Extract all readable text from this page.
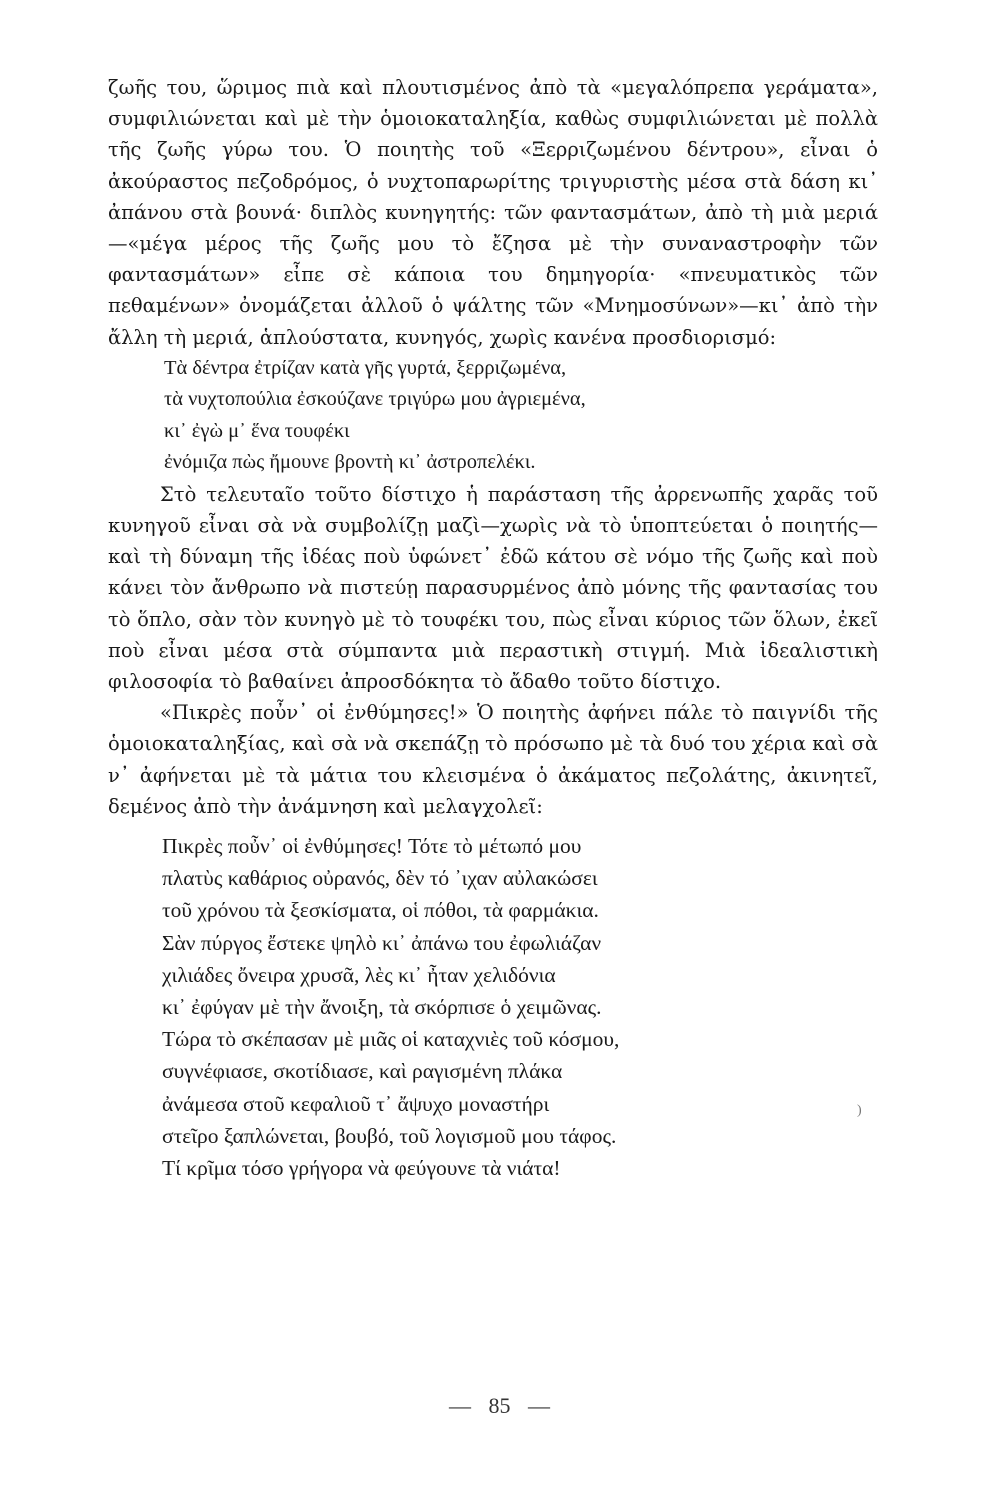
ζωῆς του, ὥριμος πιὰ καὶ πλουτισμένος ἀπὸ τὰ «μεγαλόπρεπα γεράματα», συμφιλιώνεται καὶ μὲ τὴν ὁμοιοκαταληξία, καθὼς συμφιλιώνεται μὲ πολλὰ τῆς ζωῆς γύρω του. Ὁ ποιητὴς τοῦ «Ξερριζωμένου δέντρου», εἶναι ὁ ἀκούραστος πεζοδρόμος, ὁ νυχτοπαρωρίτης τριγυριστὴς μέσα στὰ δάση κι᾽ ἀπάνου στὰ βουνά· διπλὸς κυνηγητής: τῶν φαντασμάτων, ἀπὸ τὴ μιὰ μεριά—«μέγα μέρος τῆς ζωῆς μου τὸ ἔζησα μὲ τὴν συναναστροφὴν τῶν φαντασμάτων» εἶπε σὲ κάποια του δημηγορία· «πνευματικὸς τῶν πεθαμένων» ὀνομάζεται ἀλλοῦ ὁ ψάλτης τῶν «Μνημοσύνων»—κι᾽ ἀπὸ τὴν ἄλλη τὴ μεριά, ἁπλούστατα, κυνηγός, χωρὶς κανένα προσδιορισμό:

Τὰ δέντρα ἐτρίζαν κατὰ γῆς γυρτά, ξερριζωμένα,
τὰ νυχτοπούλια ἐσκούζανε τριγύρω μου ἀγριεμένα,
κι᾽ ἐγὼ μ᾽ ἕνα τουφέκι
ἐνόμιζα πὼς ἤμουνε βροντὴ κι᾽ ἀστροπελέκι.

Στὸ τελευταῖο τοῦτο δίστιχο ἡ παράσταση τῆς ἀρρενωπῆς χαρᾶς τοῦ κυνηγοῦ εἶναι σὰ νὰ συμβολίζῃ μαζὶ—χωρὶς νὰ τὸ ὑποπτεύεται ὁ ποιητής—καὶ τὴ δύναμη τῆς ἰδέας ποὺ ὑφώνετ᾽ ἐδῶ κάτου σὲ νόμο τῆς ζωῆς καὶ ποὺ κάνει τὸν ἄνθρωπο νὰ πιστεύῃ παρασυρμένος ἀπὸ μόνης τῆς φαντασίας του τὸ ὅπλο, σὰν τὸν κυνηγὸ μὲ τὸ τουφέκι του, πὼς εἶναι κύριος τῶν ὅλων, ἐκεῖ ποὺ εἶναι μέσα στὰ σύμπαντα μιὰ περαστικὴ στιγμή. Μιὰ ἰδεαλιστικὴ φιλοσοφία τὸ βαθαίνει ἀπροσδόκητα τὸ ἄδαθο τοῦτο δίστιχο.

«Πικρὲς ποὖν᾽ οἱ ἐνθύμησες!» Ὁ ποιητὴς ἀφήνει πάλε τὸ παιγνίδι τῆς ὁμοιοκαταληξίας, καὶ σὰ νὰ σκεπάζῃ τὸ πρόσωπο μὲ τὰ δυό του χέρια καὶ σὰ ν᾽ ἀφήνεται μὲ τὰ μάτια του κλεισμένα ὁ ἀκάματος πεζολάτης, ἀκινητεῖ, δεμένος ἀπὸ τὴν ἀνάμνηση καὶ μελαγχολεῖ:

Πικρὲς ποὖν᾽ οἱ ἐνθύμησες! Τότε τὸ μέτωπό μου
πλατὺς καθάριος οὐρανός, δὲν τό ᾽ιχαν αὐλακώσει
τοῦ χρόνου τὰ ξεσκίσματα, οἱ πόθοι, τὰ φαρμάκια.
Σὰν πύργος ἔστεκε ψηλὸ κι᾽ ἀπάνω του ἐφωλιάζαν
χιλιάδες ὄνειρα χρυσᾶ, λὲς κι᾽ ἦταν χελιδόνια
κι᾽ ἐφύγαν μὲ τὴν ἄνοιξη, τὰ σκόρπισε ὁ χειμῶνας.
Τώρα τὸ σκέπασαν μὲ μιᾶς οἱ καταχνιὲς τοῦ κόσμου,
συγνέφιασε, σκοτίδιασε, καὶ ραγισμένη πλάκα
ἀνάμεσα στοῦ κεφαλιοῦ τ᾽ ἄψυχο μοναστήρι
στεῖρο ξαπλώνεται, βουβό, τοῦ λογισμοῦ μου τάφος.
Τί κρῖμα τόσο γρήγορα νὰ φεύγουνε τὰ νιάτα!
)
— 85 —
